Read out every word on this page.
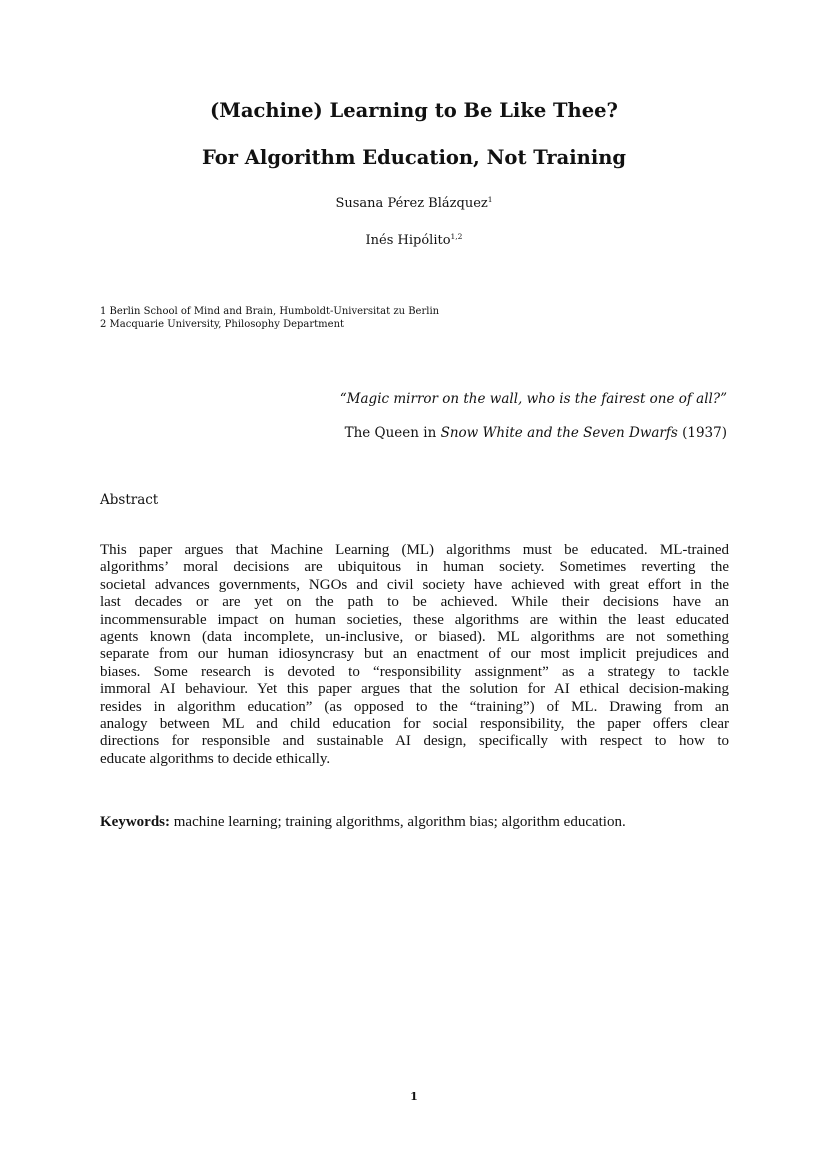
(Machine) Learning to Be Like Thee?
For Algorithm Education, Not Training
Susana Pérez Blázquez$^1$
Inés Hipólito$^{1,2}$
1 Berlin School of Mind and Brain, Humboldt-Universitat zu Berlin
2 Macquarie University, Philosophy Department
“Magic mirror on the wall, who is the fairest one of all?”
The Queen in Snow White and the Seven Dwarfs (1937)
Abstract

This paper argues that Machine Learning (ML) algorithms must be educated. ML-trained
algorithms’ moral decisions are ubiquitous in human society. Sometimes reverting the
societal advances governments, NGOs and civil society have achieved with great effort in the
last decades or are yet on the path to be achieved. While their decisions have an
incommensurable impact on human societies, these algorithms are within the least educated
agents known (data incomplete, un-inclusive, or biased). ML algorithms are not something
separate from our human idiosyncrasy but an enactment of our most implicit prejudices and
biases. Some research is devoted to “responsibility assignment” as a strategy to tackle
immoral AI behaviour. Yet this paper argues that the solution for AI ethical decision-making
resides in algorithm education” (as opposed to the “training”) of ML. Drawing from an
analogy between ML and child education for social responsibility, the paper offers clear
directions for responsible and sustainable AI design, specifically with respect to how to
educate algorithms to decide ethically.

Keywords: machine learning; training algorithms, algorithm bias; algorithm education.
1
